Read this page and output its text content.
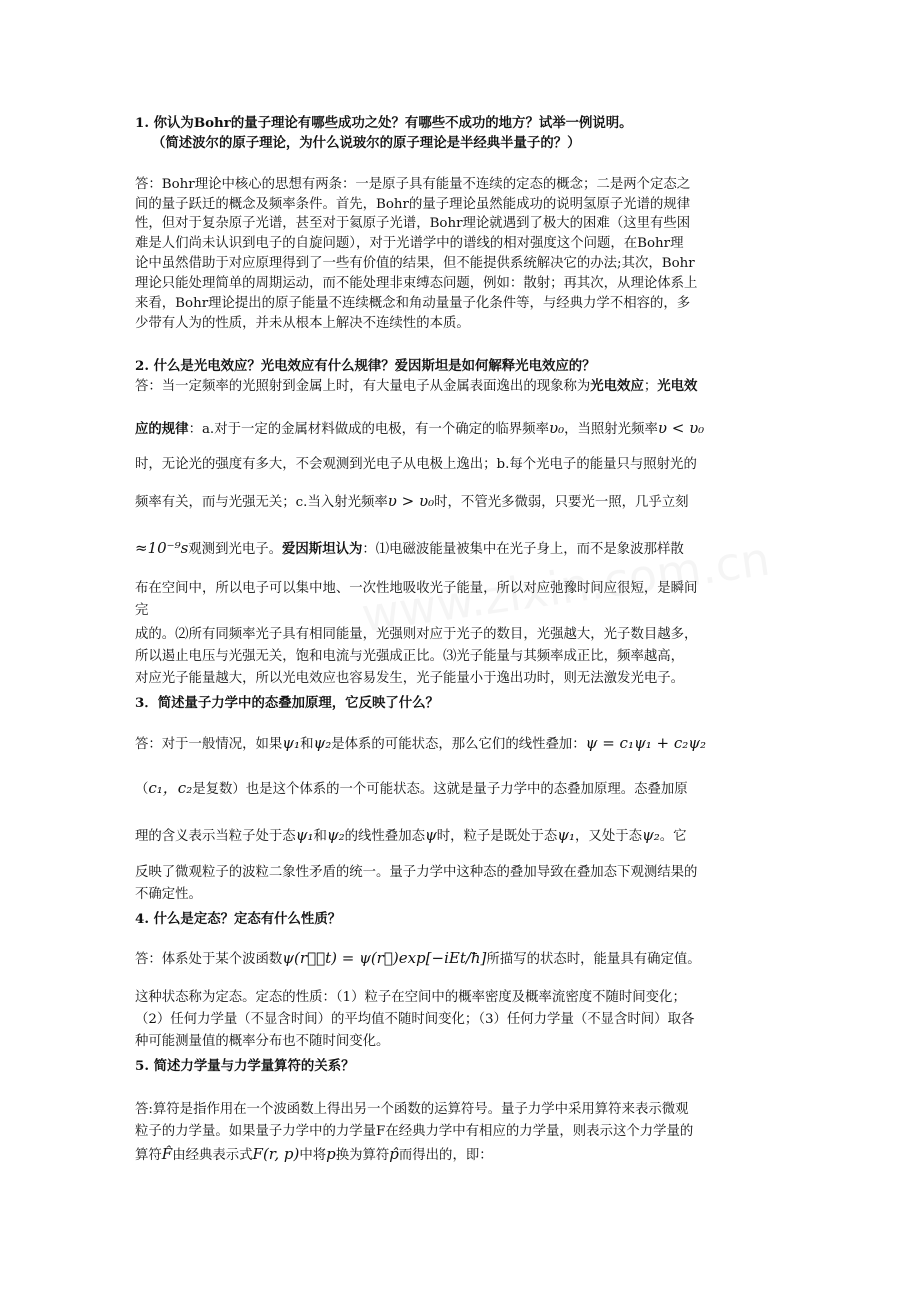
1. 你认为Bohr的量子理论有哪些成功之处？有哪些不成功的地方？试举一例说明。
（简述波尔的原子理论，为什么说玻尔的原子理论是半经典半量子的？）
答：Bohr理论中核心的思想有两条：一是原子具有能量不连续的定态的概念；二是两个定态之
间的量子跃迁的概念及频率条件。首先，Bohr的量子理论虽然能成功的说明氢原子光谱的规律
性，但对于复杂原子光谱，甚至对于氦原子光谱，Bohr理论就遇到了极大的困难（这里有些困
难是人们尚未认识到电子的自旋问题），对于光谱学中的谱线的相对强度这个问题，在Bohr理
论中虽然借助于对应原理得到了一些有价值的结果，但不能提供系统解决它的办法;其次，Bohr
理论只能处理简单的周期运动，而不能处理非束缚态问题，例如：散射；再其次，从理论体系上
来看，Bohr理论提出的原子能量不连续概念和角动量量子化条件等，与经典力学不相容的，多
少带有人为的性质，并未从根本上解决不连续性的本质。
2. 什么是光电效应？光电效应有什么规律？爱因斯坦是如何解释光电效应的？
答：当一定频率的光照射到金属上时，有大量电子从金属表面逸出的现象称为光电效应；光电效
应的规律：a.对于一定的金属材料做成的电极，有一个确定的临界频率υ₀，当照射光频率υ < υ₀
时，无论光的强度有多大，不会观测到光电子从电极上逸出；b.每个光电子的能量只与照射光的
频率有关，而与光强无关；c.当入射光频率υ > υ₀时，不管光多微弱，只要光一照，几乎立刻
≈10⁻⁹s观测到光电子。爱因斯坦认为：⑴电磁波能量被集中在光子身上，而不是象波那样散
布在空间中，所以电子可以集中地、一次性地吸收光子能量，所以对应弛豫时间应很短，是瞬间
完
成的。⑵所有同频率光子具有相同能量，光强则对应于光子的数目，光强越大，光子数目越多，
所以遏止电压与光强无关，饱和电流与光强成正比。⑶光子能量与其频率成正比，频率越高，
对应光子能量越大，所以光电效应也容易发生，光子能量小于逸出功时，则无法激发光电子。
3．简述量子力学中的态叠加原理，它反映了什么？
答：对于一般情况，如果ψ₁和ψ₂是体系的可能状态，那么它们的线性叠加：ψ = c₁ψ₁ + c₂ψ₂
（c₁，c₂是复数）也是这个体系的一个可能状态。这就是量子力学中的态叠加原理。态叠加原
理的含义表示当粒子处于态ψ₁和ψ₂的线性叠加态ψ时，粒子是既处于态ψ₁，又处于态ψ₂。它
反映了微观粒子的波粒二象性矛盾的统一。量子力学中这种态的叠加导致在叠加态下观测结果的
不确定性。
4. 什么是定态？定态有什么性质？
答：体系处于某个波函数ψ(r⃗，t) = ψ(r⃗)exp[−iEt/ħ]所描写的状态时，能量具有确定值。
这种状态称为定态。定态的性质：（1）粒子在空间中的概率密度及概率流密度不随时间变化；
（2）任何力学量（不显含时间）的平均值不随时间变化；（3）任何力学量（不显含时间）取各
种可能测量值的概率分布也不随时间变化。
5. 简述力学量与力学量算符的关系？
答:算符是指作用在一个波函数上得出另一个函数的运算符号。量子力学中采用算符来表示微观
粒子的力学量。如果量子力学中的力学量F在经典力学中有相应的力学量，则表示这个力学量的
算符F̂由经典表示式F(r, p)中将p换为算符p̂而得出的，即：
